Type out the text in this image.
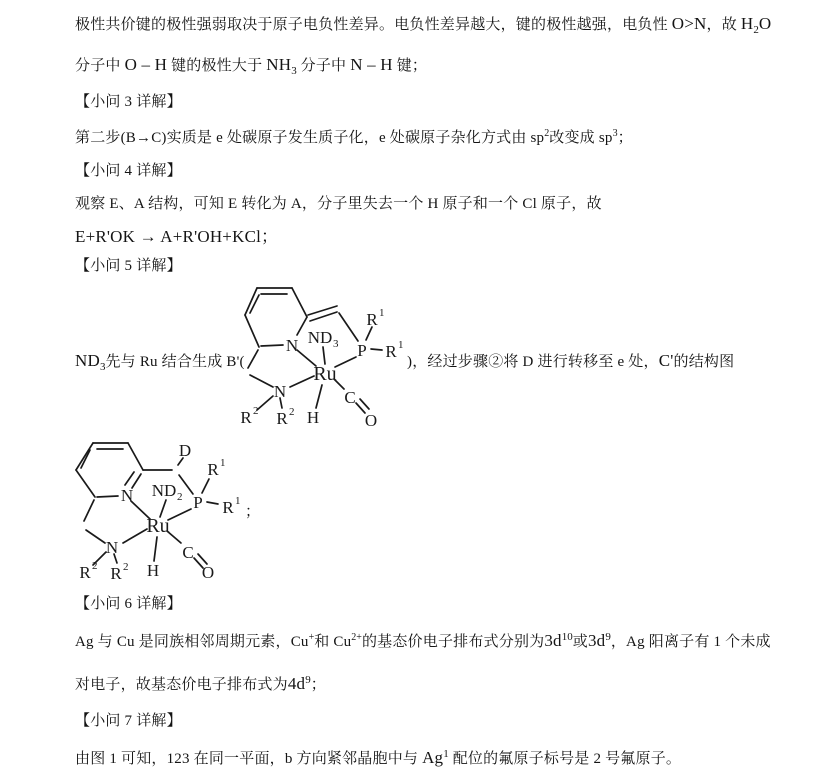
极性共价键的极性强弱取决于原子电负性差异。电负性差异越大，键的极性越强，电负性 O>N，故 $H_2O$
分子中 O – H 键的极性大于 $NH_3$ 分子中 N – H 键；
【小问 3 详解】
第二步(B→C)实质是 e 处碳原子发生质子化，e 处碳原子杂化方式由 $sp^2$改变成 $sp^3$；
【小问 4 详解】
观察 E、A 结构，可知 E 转化为 A，分子里失去一个 H 原子和一个 Cl 原子，故
E+R'OK → A+R'OH+KCl；
【小问 5 详解】
$ND_3$先与 Ru 结合生成 B'(	)，经过步骤②将 D 进行转移至 e 处，C'的结构图
N ND 3 P
R 1
R 1
Ru
N
R 2 R 2 H
C
O
D
N ND 2 P
R 1
R 1
；
Ru
N
R 2 R 2 H
C
O
【小问 6 详解】
Ag 与 Cu 是同族相邻周期元素，Cu+和 $Cu^{2+}$的基态价电子排布式分别为$3d^{10}$或$3d^9$，Ag 阳离子有 1 个未成
对电子，故基态价电子排布式为$4d^9$；
【小问 7 详解】
由图 1 可知，123 在同一平面，b 方向紧邻晶胞中与 Ag$^1$ 配位的氟原子标号是 2 号氟原子。
